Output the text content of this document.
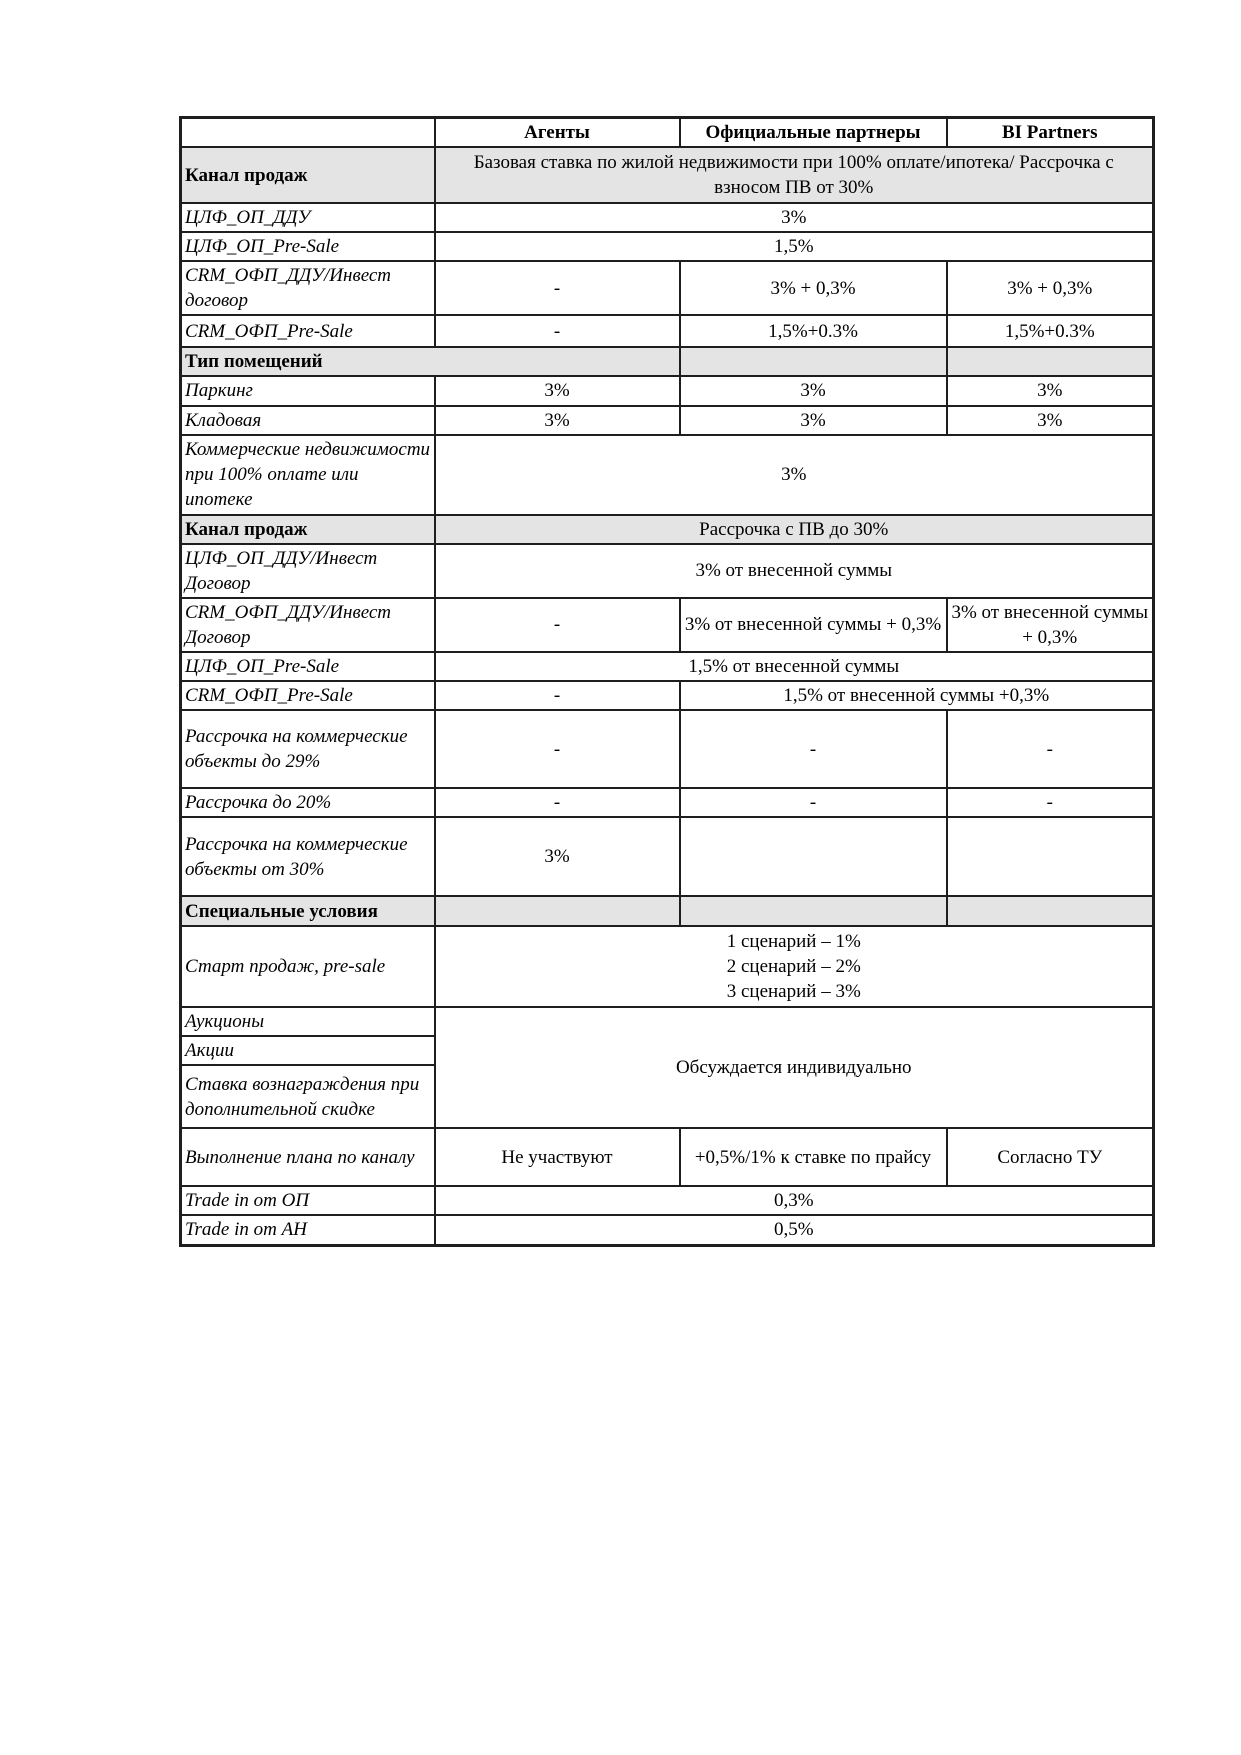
	Агенты	Официальные партнеры	BI Partners
Канал продаж	Базовая ставка по жилой недвижимости при 100% оплате/ипотека/ Рассрочка с взносом ПВ от 30%		
ЦЛФ_ОП_ДДУ	3%		
ЦЛФ_ОП_Pre-Sale	1,5%		
CRM_ОФП_ДДУ/Инвест договор	-	3% + 0,3%	3% + 0,3%
CRM_ОФП_Pre-Sale	-	1,5%+0.3%	1,5%+0.3%
Тип помещений			
Паркинг	3%	3%	3%
Кладовая	3%	3%	3%
Коммерческие недвижимости при 100% оплате или ипотеке	3%		
Канал продаж	Рассрочка с ПВ до 30%		
ЦЛФ_ОП_ДДУ/Инвест Договор	3% от внесенной суммы		
CRM_ОФП_ДДУ/Инвест Договор	-	3% от внесенной суммы + 0,3%	3% от внесенной суммы + 0,3%
ЦЛФ_ОП_Pre-Sale	1,5% от внесенной суммы		
CRM_ОФП_Pre-Sale	-	1,5% от внесенной суммы +0,3%	
Рассрочка на коммерческие объекты до 29%	-	-	-
Рассрочка до 20%	-	-	-
Рассрочка на коммерческие объекты от 30%	3%		
Специальные условия			
Старт продаж, pre-sale	1 сценарий – 1%
2 сценарий – 2%
3 сценарий – 3%		

Аукционы	Обсуждается индивидуально		
Акции			
Ставка вознаграждения при дополнительной скидке			
Выполнение плана по каналу	Не участвуют	+0,5%/1% к ставке по прайсу	Согласно ТУ
Trade in от ОП	0,3%		
Trade in от АН	0,5%		
